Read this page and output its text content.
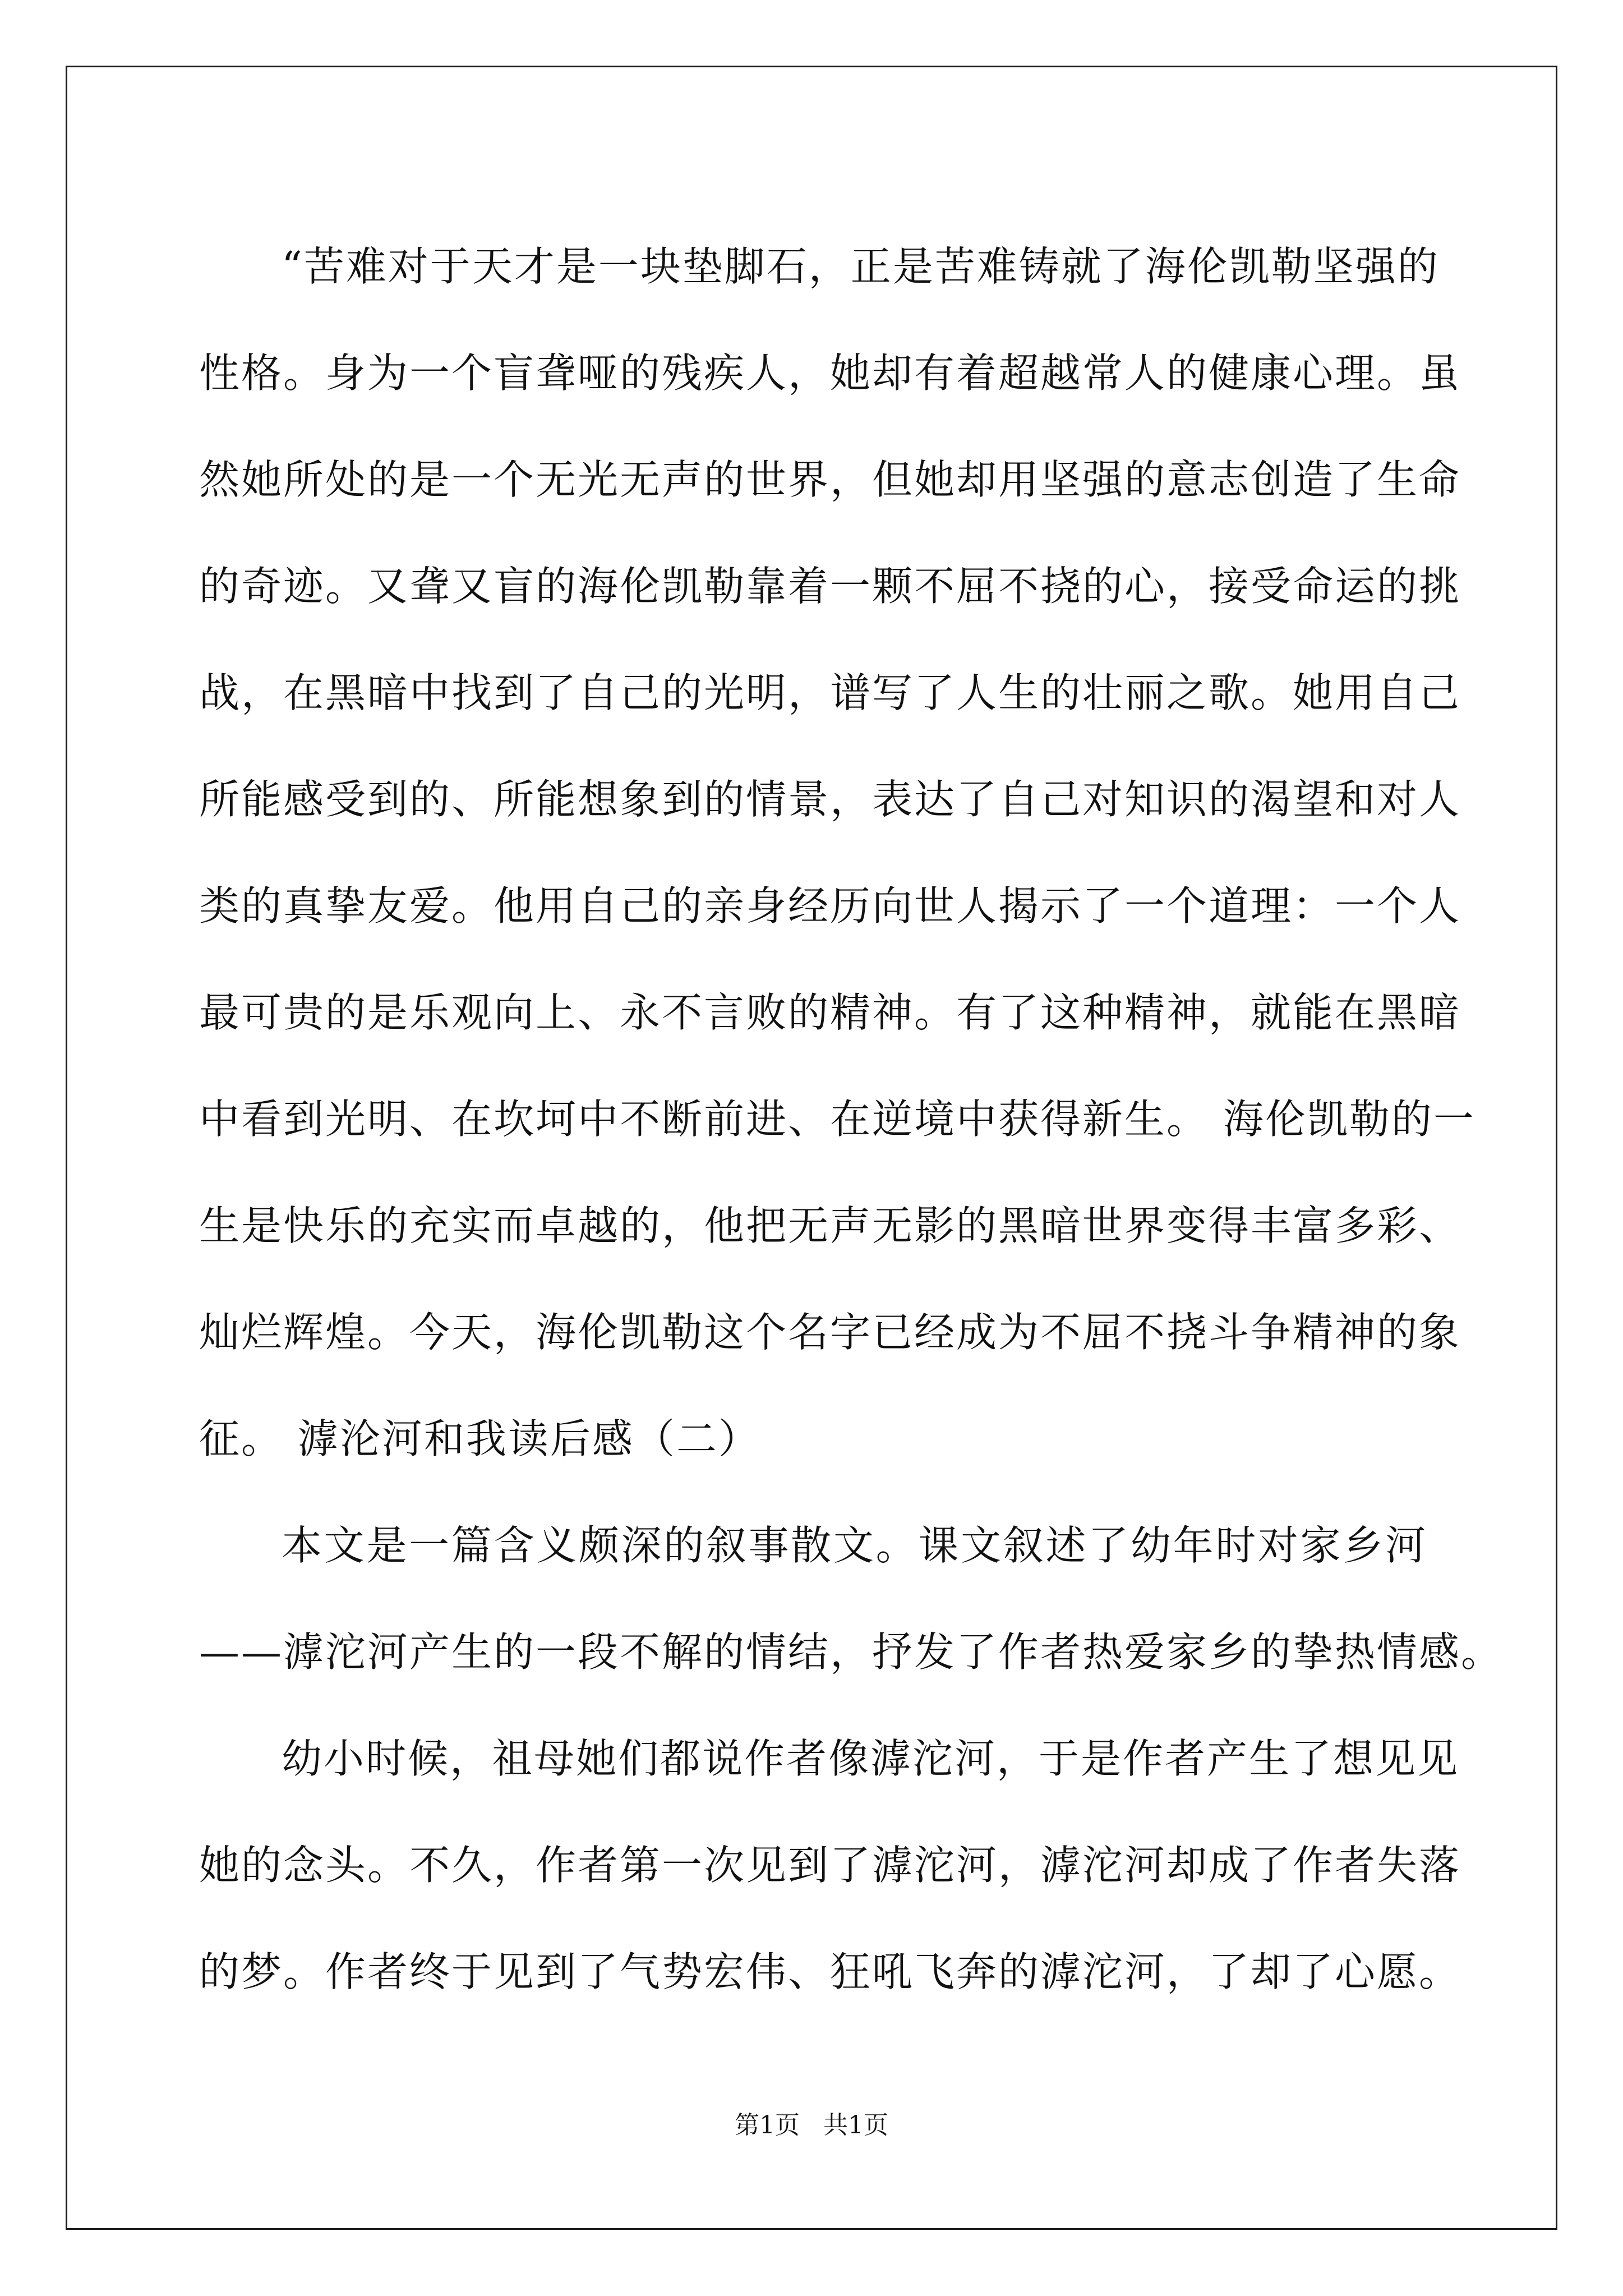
“苦难对于天才是一块垫脚石，正是苦难铸就了海伦凯勒坚强的
性格。身为一个盲聋哑的残疾人，她却有着超越常人的健康心理。虽
然她所处的是一个无光无声的世界，但她却用坚强的意志创造了生命
的奇迹。又聋又盲的海伦凯勒靠着一颗不屈不挠的心，接受命运的挑
战，在黑暗中找到了自己的光明，谱写了人生的壮丽之歌。她用自己
所能感受到的、所能想象到的情景，表达了自己对知识的渴望和对人
类的真挚友爱。他用自己的亲身经历向世人揭示了一个道理：一个人
最可贵的是乐观向上、永不言败的精神。有了这种精神，就能在黑暗
中看到光明、在坎坷中不断前进、在逆境中获得新生。 海伦凯勒的一
生是快乐的充实而卓越的，他把无声无影的黑暗世界变得丰富多彩、
灿烂辉煌。今天，海伦凯勒这个名字已经成为不屈不挠斗争精神的象
征。 滹沦河和我读后感（二）
本文是一篇含义颇深的叙事散文。课文叙述了幼年时对家乡河
——滹沱河产生的一段不解的情结，抒发了作者热爱家乡的挚热情感。
幼小时候，祖母她们都说作者像滹沱河，于是作者产生了想见见
她的念头。不久，作者第一次见到了滹沱河，滹沱河却成了作者失落
的梦。作者终于见到了气势宏伟、狂吼飞奔的滹沱河，了却了心愿。
第1页   共1页
